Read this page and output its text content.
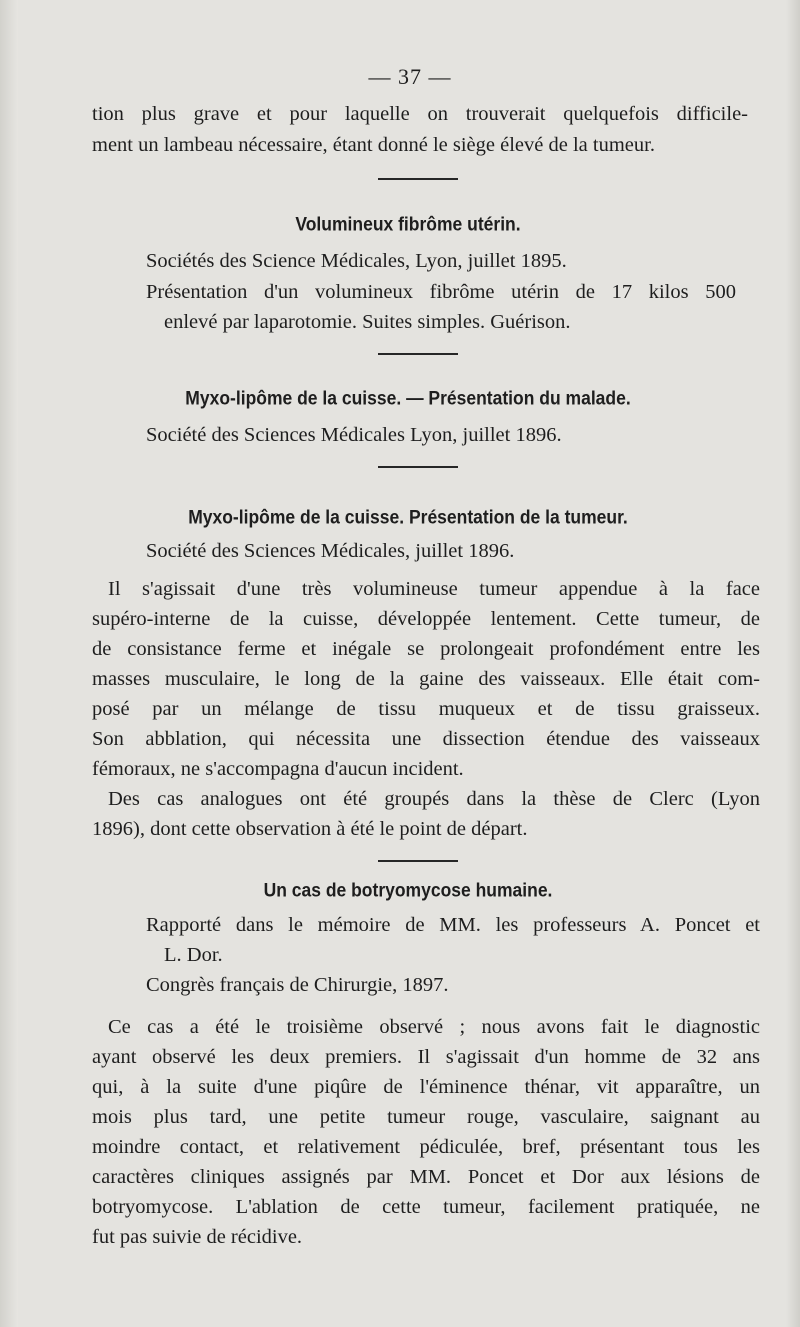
— 37 —
tion plus grave et pour laquelle on trouverait quelquefois difficile-
ment un lambeau nécessaire, étant donné le siège élevé de la tumeur.
Volumineux fibrôme utérin.
Sociétés des Science Médicales, Lyon, juillet 1895.
Présentation d'un volumineux fibrôme utérin de 17 kilos 500
enlevé par laparotomie. Suites simples. Guérison.
Myxo-lipôme de la cuisse. — Présentation du malade.
Société des Sciences Médicales Lyon, juillet 1896.
Myxo-lipôme de la cuisse. Présentation de la tumeur.
Société des Sciences Médicales, juillet 1896.
Il s'agissait d'une très volumineuse tumeur appendue à la face
supéro-interne de la cuisse, développée lentement. Cette tumeur, de
de consistance ferme et inégale se prolongeait profondément entre les
masses musculaire, le long de la gaine des vaisseaux. Elle était com-
posé par un mélange de tissu muqueux et de tissu graisseux.
Son abblation, qui nécessita une dissection étendue des vaisseaux
fémoraux, ne s'accompagna d'aucun incident.
Des cas analogues ont été groupés dans la thèse de Clerc (Lyon
1896), dont cette observation à été le point de départ.
Un cas de botryomycose humaine.
Rapporté dans le mémoire de MM. les professeurs A. Poncet et
L. Dor.
Congrès français de Chirurgie, 1897.
Ce cas a été le troisième observé ; nous avons fait le diagnostic
ayant observé les deux premiers. Il s'agissait d'un homme de 32 ans
qui, à la suite d'une piqûre de l'éminence thénar, vit apparaître, un
mois plus tard, une petite tumeur rouge, vasculaire, saignant au
moindre contact, et relativement pédiculée, bref, présentant tous les
caractères cliniques assignés par MM. Poncet et Dor aux lésions de
botryomycose. L'ablation de cette tumeur, facilement pratiquée, ne
fut pas suivie de récidive.
